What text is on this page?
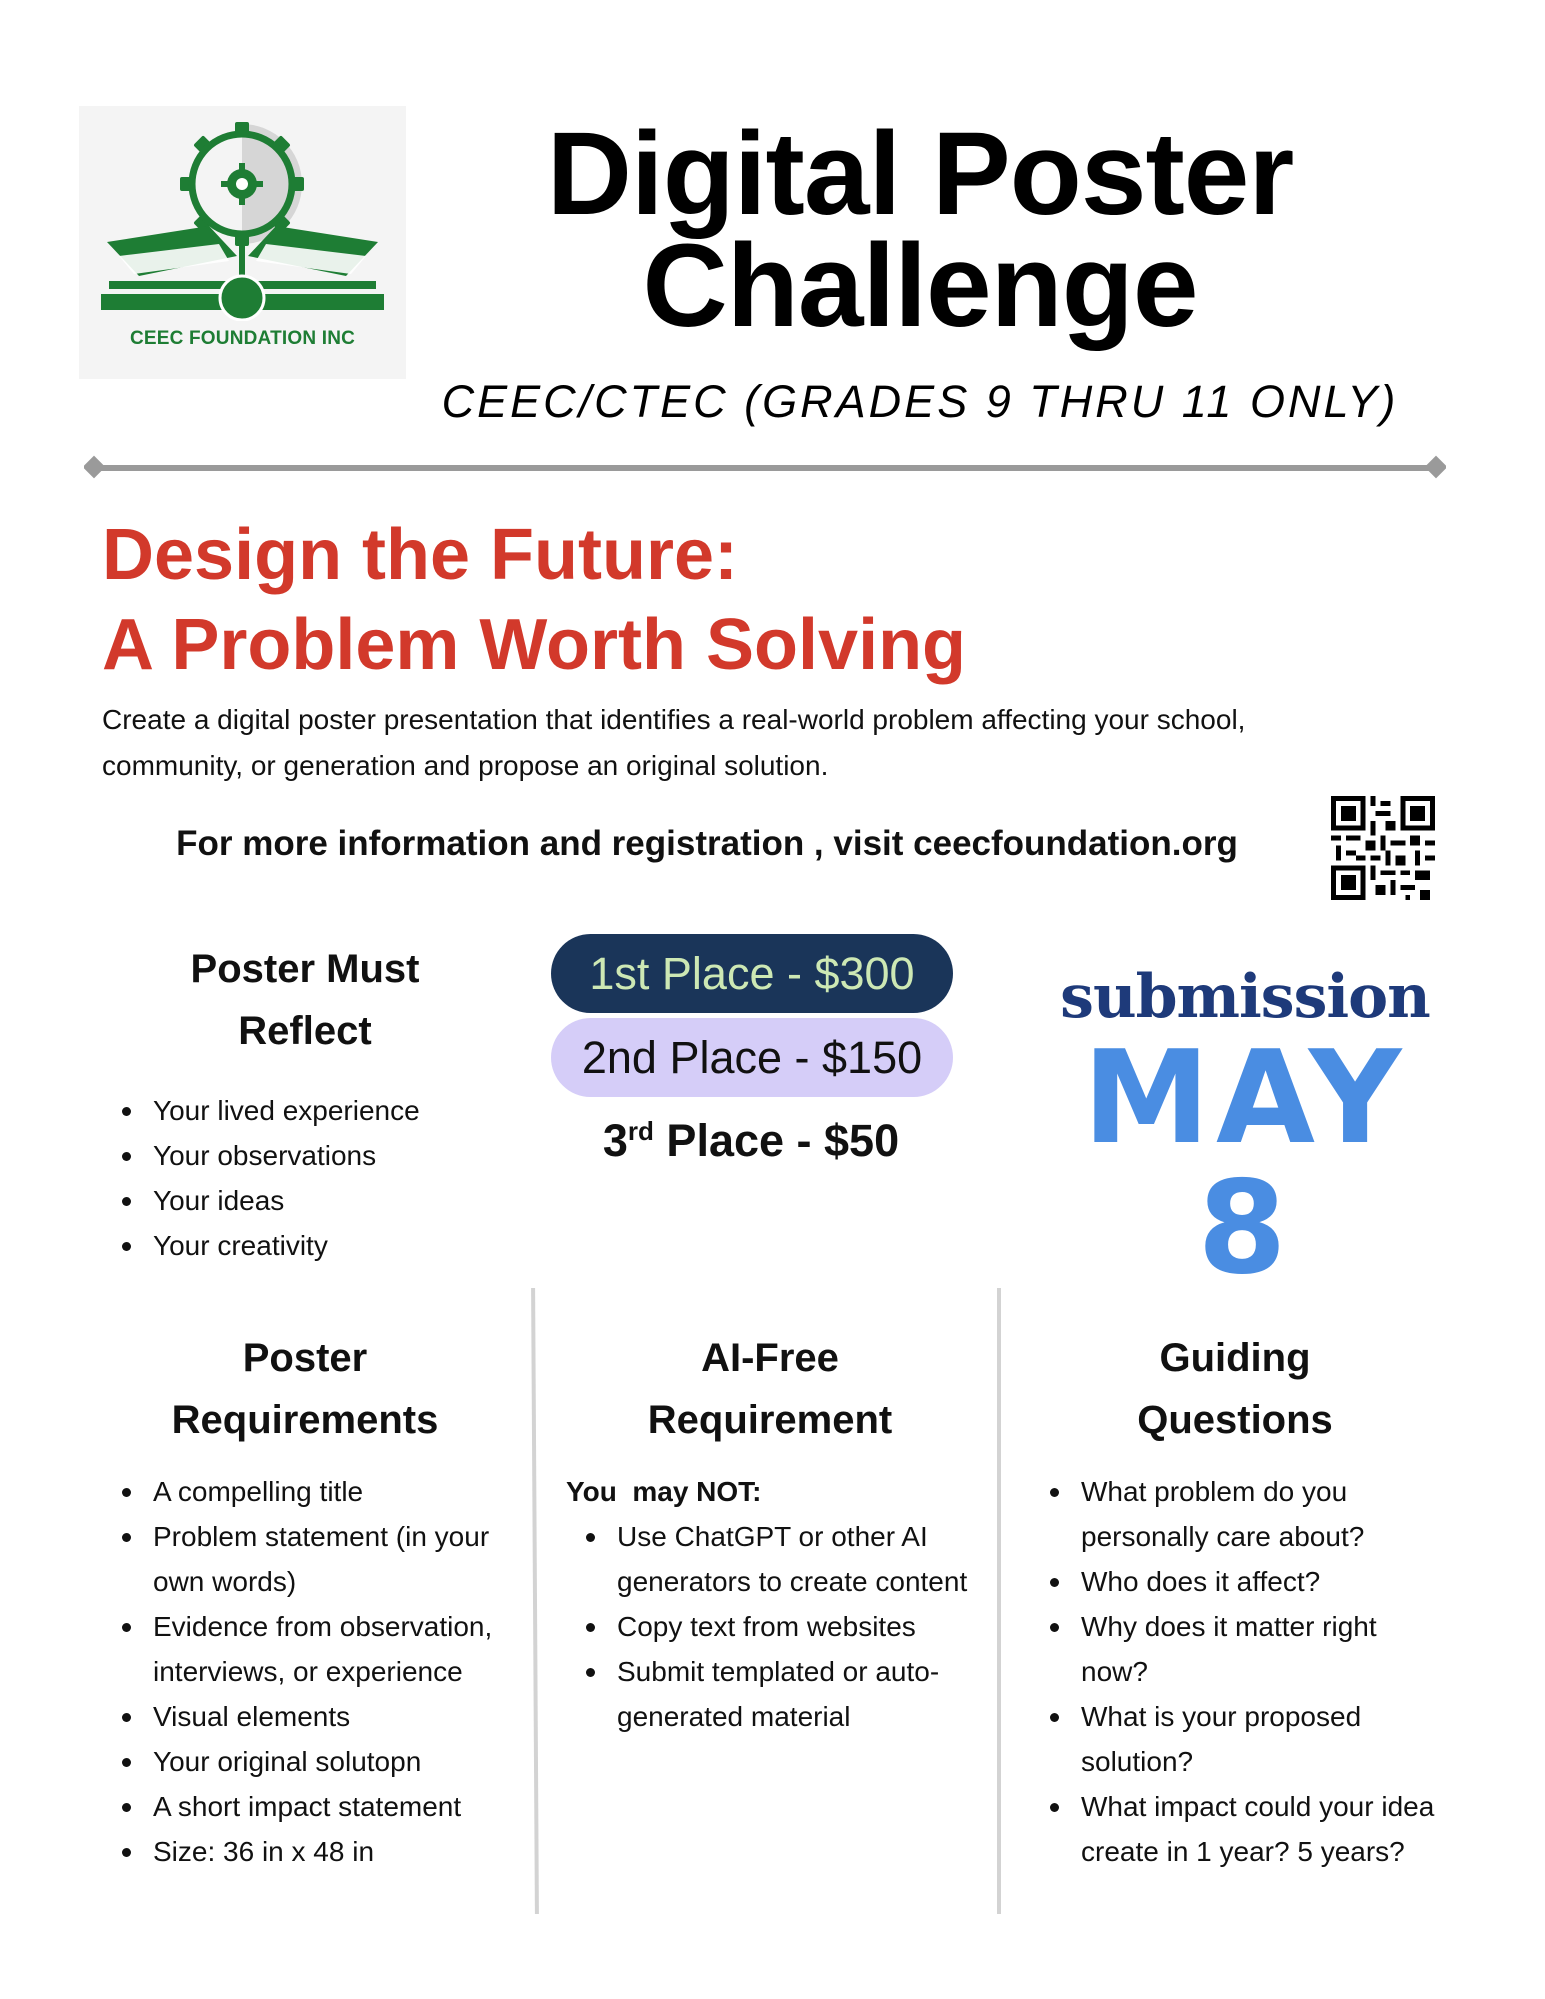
CEEC FOUNDATION INC
Digital Poster
Challenge
CEEC/CTEC (GRADES 9 THRU 11 ONLY)
Design the Future:
A Problem Worth Solving
Create a digital poster presentation that identifies a real-world problem affecting your school,
community, or generation and propose an original solution.
For more information and registration , visit ceecfoundation.org
Poster Must
Reflect
Your lived experience
Your observations
Your ideas
Your creativity
1st Place - $300
2nd Place - $150
3rd Place - $50
submission
MAY 8
Poster
Requirements
A compelling title
Problem statement (in your own words)
Evidence from observation, interviews, or experience
Visual elements
Your original solutopn
A short impact statement
Size: 36 in x 48 in
AI-Free
Requirement
You  may NOT:
Use ChatGPT or other AI generators to create content
Copy text from websites
Submit templated or auto-generated material
Guiding
Questions
What problem do you personally care about?
Who does it affect?
Why does it matter right now?
What is your proposed solution?
What impact could your idea create in 1 year? 5 years?
